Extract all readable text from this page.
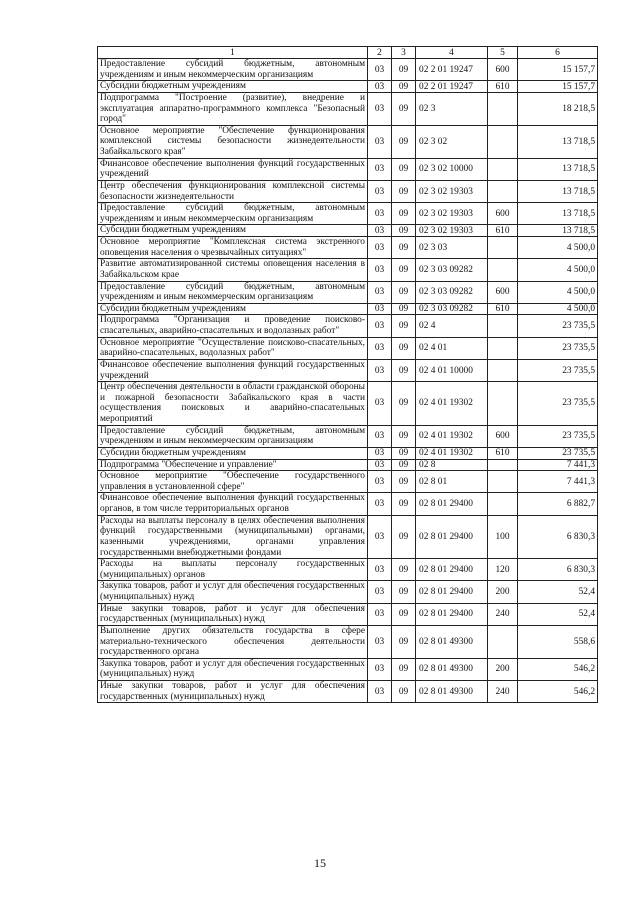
1	2	3	4	5	6
Предоставление субсидий бюджетным, автономным учреждениям и иным некоммерческим организациям	03	09	02 2 01 19247	600	15 157,7
Субсидии бюджетным учреждениям	03	09	02 2 01 19247	610	15 157,7
Подпрограмма "Построение (развитие), внедрение и эксплуатация аппаратно-программного комплекса "Безопасный город"	03	09	02 3		18 218,5
Основное мероприятие "Обеспечение функционирования комплексной системы безопасности жизнедеятельности Забайкальского края"	03	09	02 3 02		13 718,5
Финансовое обеспечение выполнения функций государственных учреждений	03	09	02 3 02 10000		13 718,5
Центр обеспечения функционирования комплексной системы безопасности жизнедеятельности	03	09	02 3 02 19303		13 718,5
Предоставление субсидий бюджетным, автономным учреждениям и иным некоммерческим организациям	03	09	02 3 02 19303	600	13 718,5
Субсидии бюджетным учреждениям	03	09	02 3 02 19303	610	13 718,5
Основное мероприятие "Комплексная система экстренного оповещения населения о чрезвычайных ситуациях"	03	09	02 3 03		4 500,0
Развитие автоматизированной системы оповещения населения в Забайкальском крае	03	09	02 3 03 09282		4 500,0
Предоставление субсидий бюджетным, автономным учреждениям и иным некоммерческим организациям	03	09	02 3 03 09282	600	4 500,0
Субсидии бюджетным учреждениям	03	09	02 3 03 09282	610	4 500,0
Подпрограмма "Организация и проведение поисково-спасательных, аварийно-спасательных и водолазных работ"	03	09	02 4		23 735,5
Основное мероприятие "Осуществление поисково-спасательных, аварийно-спасательных, водолазных работ"	03	09	02 4 01		23 735,5
Финансовое обеспечение выполнения функций государственных учреждений	03	09	02 4 01 10000		23 735,5
Центр обеспечения деятельности в области гражданской обороны и пожарной безопасности Забайкальского края в части осуществления поисковых и аварийно-спасательных мероприятий	03	09	02 4 01 19302		23 735,5
Предоставление субсидий бюджетным, автономным учреждениям и иным некоммерческим организациям	03	09	02 4 01 19302	600	23 735,5
Субсидии бюджетным учреждениям	03	09	02 4 01 19302	610	23 735,5
Подпрограмма "Обеспечение и управление"	03	09	02 8		7 441,3
Основное мероприятие "Обеспечение государственного управления в установленной сфере"	03	09	02 8 01		7 441,3
Финансовое обеспечение выполнения функций государственных органов, в том числе территориальных органов	03	09	02 8 01 29400		6 882,7
Расходы на выплаты персоналу в целях обеспечения выполнения функций государственными (муниципальными) органами, казенными учреждениями, органами управления государственными внебюджетными фондами	03	09	02 8 01 29400	100	6 830,3
Расходы на выплаты персоналу государственных (муниципальных) органов	03	09	02 8 01 29400	120	6 830,3
Закупка товаров, работ и услуг для обеспечения государственных (муниципальных) нужд	03	09	02 8 01 29400	200	52,4
Иные закупки товаров, работ и услуг для обеспечения государственных (муниципальных) нужд	03	09	02 8 01 29400	240	52,4
Выполнение других обязательств государства в сфере материально-технического обеспечения деятельности государственного органа	03	09	02 8 01 49300		558,6
Закупка товаров, работ и услуг для обеспечения государственных (муниципальных) нужд	03	09	02 8 01 49300	200	546,2
Иные закупки товаров, работ и услуг для обеспечения государственных (муниципальных) нужд	03	09	02 8 01 49300	240	546,2
15
